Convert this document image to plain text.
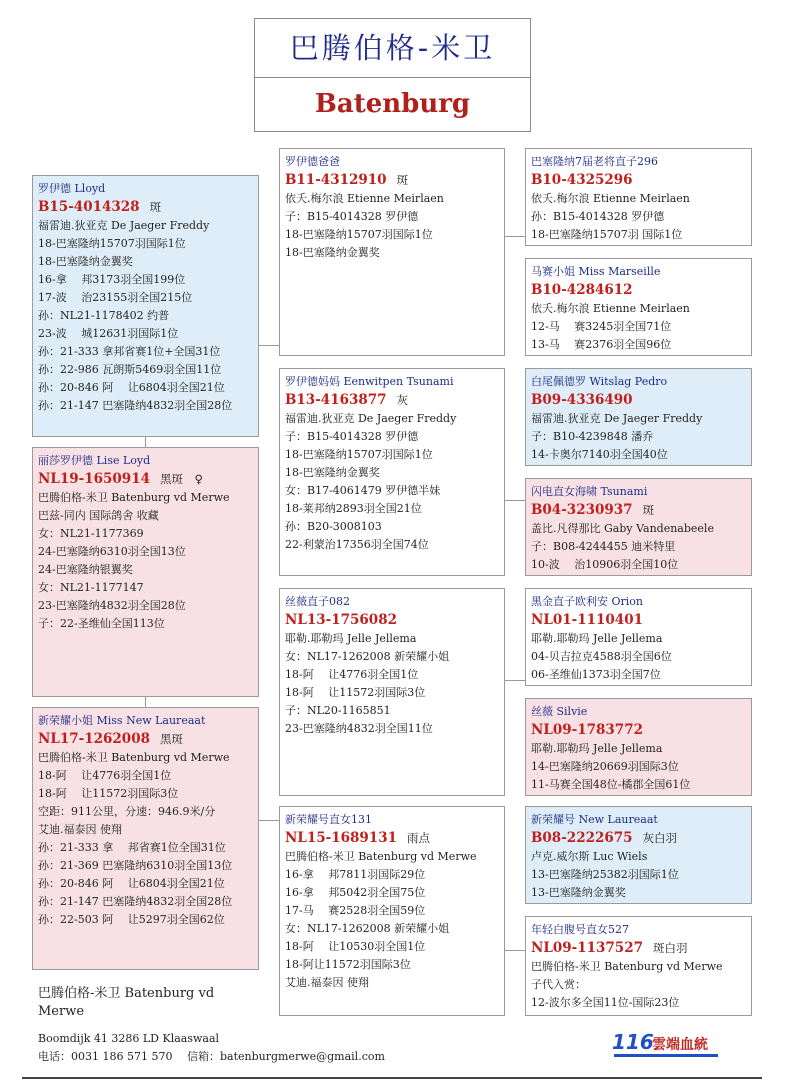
巴腾伯格-米卫
Batenburg
罗伊德 Lloyd
B15-4014328 斑
福雷迪.狄亚克 De Jaeger Freddy
18-巴塞隆纳15707羽国际1位
18-巴塞隆纳金翼奖
16-拿　 邦3173羽全国199位
17-波　 治23155羽全国215位
孙：NL21-1178402 约普
23-波　 城12631羽国际1位
孙：21-333 拿邦省赛1位+全国31位
孙：22-986 瓦朗斯5469羽全国11位
孙：20-846 阿　 让6804羽全国21位
孙：21-147 巴塞隆纳4832羽全国28位
丽莎罗伊德 Lise Loyd
NL19-1650914 黑斑　♀
巴腾伯格-米卫 Batenburg vd Merwe
巴兹-同内 国际鸽舍 收藏
女：NL21-1177369
24-巴塞隆纳6310羽全国13位
24-巴塞隆纳银翼奖
女：NL21-1177147
23-巴塞隆纳4832羽全国28位
子：22-圣维仙全国113位
新荣耀小姐 Miss New Laureaat
NL17-1262008 黑斑
巴腾伯格-米卫 Batenburg vd Merwe
18-阿　 让4776羽全国1位
18-阿　 让11572羽国际3位
空距：911公里，分速：946.9米/分
艾迪.福泰因 使翔
孙：21-333 拿　 邦省赛1位全国31位
孙：21-369 巴塞隆纳6310羽全国13位
孙：20-846 阿　 让6804羽全国21位
孙：21-147 巴塞隆纳4832羽全国28位
孙：22-503 阿　 让5297羽全国62位
罗伊德爸爸
B11-4312910 斑
依夭.梅尔浪 Etienne Meirlaen
子：B15-4014328 罗伊德
18-巴塞隆纳15707羽国际1位
18-巴塞隆纳金翼奖
罗伊德妈妈 Eenwitpen Tsunami
B13-4163877 灰
福雷迪.狄亚克 De Jaeger Freddy
子：B15-4014328 罗伊德
18-巴塞隆纳15707羽国际1位
18-巴塞隆纳金翼奖
女：B17-4061479 罗伊德半妹
18-莱邦纳2893羽全国21位
孙：B20-3008103
22-利蒙治17356羽全国74位
丝薇直子082
NL13-1756082
耶勒.耶勒玛 Jelle Jellema
女：NL17-1262008 新荣耀小姐
18-阿　 让4776羽全国1位
18-阿　 让11572羽国际3位
子：NL20-1165851
23-巴塞隆纳4832羽全国11位
新荣耀号直女131
NL15-1689131 雨点
巴腾伯格-米卫 Batenburg vd Merwe
16-拿　 邦7811羽国际29位
16-拿　 邦5042羽全国75位
17-马　 赛2528羽全国59位
女：NL17-1262008 新荣耀小姐
18-阿　 让10530羽全国1位
18-阿让11572羽国际3位
艾迪.福泰因 使翔
巴塞隆纳7届老将直子296
B10-4325296
依夭.梅尔浪 Etienne Meirlaen
孙：B15-4014328 罗伊德
18-巴塞隆纳15707羽 国际1位
马赛小姐 Miss Marseille
B10-4284612
依夭.梅尔浪 Etienne Meirlaen
12-马　 赛3245羽全国71位
13-马　 赛2376羽全国96位
白尾佩德罗 Witslag Pedro
B09-4336490
福雷迪.狄亚克 De Jaeger Freddy
子：B10-4239848 潘乔
14-卡奥尔7140羽全国40位
闪电直女海啸 Tsunami
B04-3230937 斑
盖比.凡得那比 Gaby Vandenabeele
子：B08-4244455 迪米特里
10-波　 治10906羽全国10位
黑金直子欧利安 Orion
NL01-1110401
耶勒.耶勒玛 Jelle Jellema
04-贝吉拉克4588羽全国6位
06-圣维仙1373羽全国7位
丝薇 Silvie
NL09-1783772
耶勒.耶勒玛 Jelle Jellema
14-巴塞隆纳20669羽国际3位
11-马赛全国48位-橘郡全国61位
新荣耀号 New Laureaat
B08-2222675 灰白羽
卢克.威尔斯 Luc Wiels
13-巴塞隆纳25382羽国际1位
13-巴塞隆纳金翼奖
年轻白腹号直女527
NL09-1137527 斑白羽
巴腾伯格-米卫 Batenburg vd Merwe
子代入赏：
12-波尔多全国11位-国际23位
巴腾伯格-米卫 Batenburg vd Merwe
Boomdijk 41 3286 LD Klaaswaal
电话：0031 186 571 570　 信箱：batenburgmerwe@gmail.com
116
雲端血統
